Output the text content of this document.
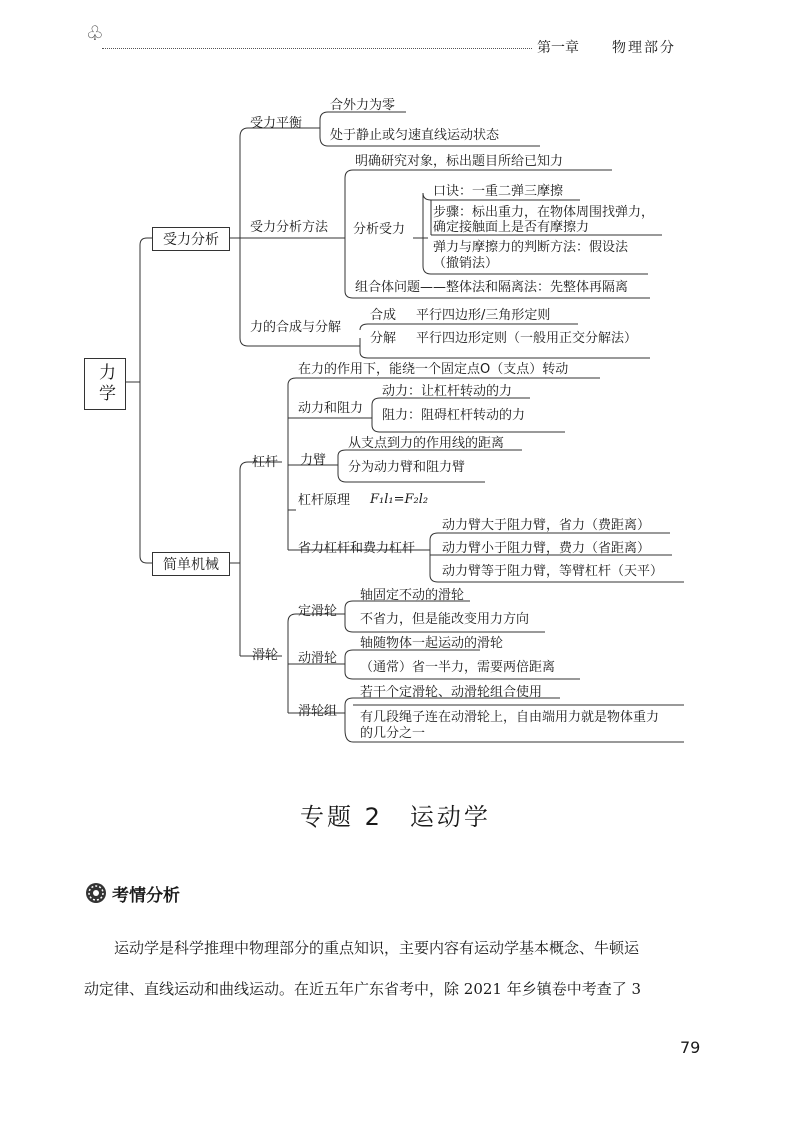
♧
第一章 物理部分
力学
受力分析
简单机械
受力平衡
合外力为零
处于静止或匀速直线运动状态
受力分析方法
明确研究对象，标出题目所给已知力
分析受力
口诀：一重二弹三摩擦
步骤：标出重力，在物体周围找弹力，
确定接触面上是否有摩擦力
弹力与摩擦力的判断方法：假设法
（撤销法）
组合体问题——整体法和隔离法：先整体再隔离
力的合成与分解
合成 平行四边形/三角形定则
分解 平行四边形定则（一般用正交分解法）
杠杆
在力的作用下，能绕一个固定点O（支点）转动
动力和阻力
动力：让杠杆转动的力
阻力：阻碍杠杆转动的力
力臂
从支点到力的作用线的距离
分为动力臂和阻力臂
杠杆原理 F₁l₁=F₂l₂
省力杠杆和费力杠杆
动力臂大于阻力臂，省力（费距离）
动力臂小于阻力臂，费力（省距离）
动力臂等于阻力臂，等臂杠杆（天平）
滑轮
定滑轮
轴固定不动的滑轮
不省力，但是能改变用力方向
动滑轮
轴随物体一起运动的滑轮
（通常）省一半力，需要两倍距离
滑轮组
若干个定滑轮、动滑轮组合使用
有几段绳子连在动滑轮上，自由端用力就是物体重力
的几分之一
专题 2　运动学
考情分析
运动学是科学推理中物理部分的重点知识，主要内容有运动学基本概念、牛顿运
动定律、直线运动和曲线运动。在近五年广东省考中，除 2021 年乡镇卷中考查了 3
79
